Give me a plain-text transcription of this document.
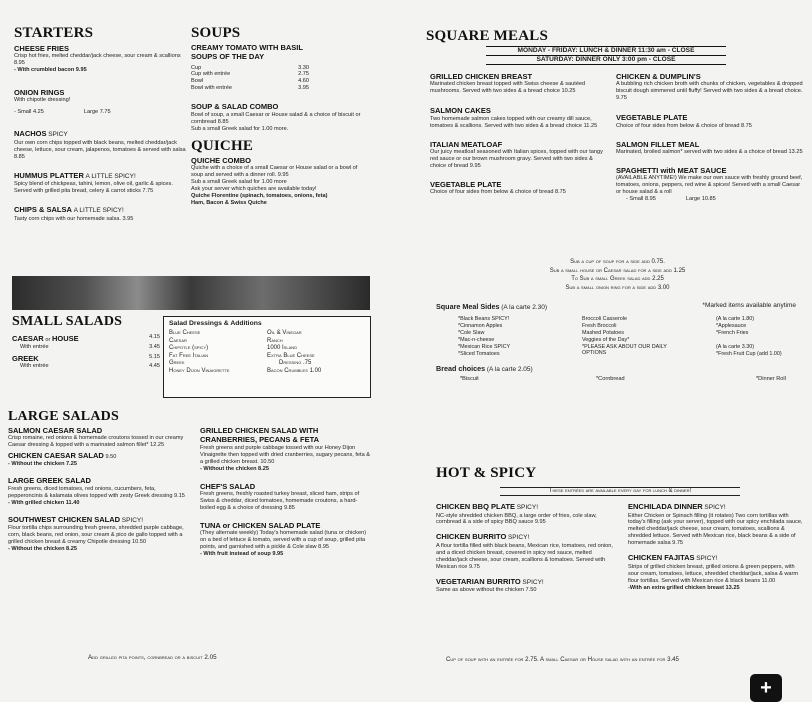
STARTERS
CHEESE FRIES
Crisp hot fries, melted cheddar/jack cheese, sour cream & scallions 8.95
- With crumbled bacon 9.95
ONION RINGS
With chipotle dressing!
- Small 4.25	Large 7.75
NACHOS SPICY
Our own corn chips topped with black beans, melted cheddar/jack cheese, lettuce, sour cream, jalapenos, tomatoes & served with salsa 8.85
HUMMUS PLATTER A LITTLE SPICY!
Spicy blend of chickpeas, tahini, lemon, olive oil, garlic & spices. Served with grilled pita bread, celery & carrot sticks 7.75
CHIPS & SALSA A LITTLE SPICY!
Tasty corn chips with our homemade salsa. 3.95
SOUPS
CREAMY TOMATO WITH BASIL
SOUPS OF THE DAY
Cup	3.30
Cup with entrée	2.75
Bowl	4.60
Bowl with entrée	3.95
SOUP & SALAD COMBO
Bowl of soup, a small Caesar or House salad & a choice of biscuit or cornbread 8.85
Sub a small Greek salad for 1.00 more.
QUICHE
QUICHE COMBO
Quiche with a choice of a small Caesar or House salad or a bowl of soup and served with a dinner roll. 9.95
Sub a small Greek salad for 1.00 more
Ask your server which quiches are available today!
Quiche Florentine (spinach, tomatoes, onions, feta)
Ham, Bacon & Swiss Quiche
SMALL SALADS
CAESAR or HOUSE	4.15
With entrée	3.45
GREEK	5.15
With entrée	4.45
Salad Dressings & Additions
Blue Cheese
Caesar
Chipotle (spicy)
Fat Free Italian
Greek
Honey Dijon Vinaigrette
Oil & Vinegar
Ranch
1000 Island
Extra Blue Cheese
Dressing .75
Bacon Crumbles 1.00
LARGE SALADS
SALMON CAESAR SALAD
Crisp romaine, red onions & homemade croutons tossed in our creamy Caesar dressing & topped with a marinated salmon fillet* 12.25
CHICKEN CAESAR SALAD 9.50
- Without the chicken 7.25
LARGE GREEK SALAD
Fresh greens, diced tomatoes, red onions, cucumbers, feta, pepperoncinis & kalamata olives topped with zesty Greek dressing 9.15
- With grilled chicken 11.40
SOUTHWEST CHICKEN SALAD SPICY!
Flour tortilla chips surrounding fresh greens, shredded purple cabbage, corn, black beans, red onion, sour cream & pico de gallo topped with a grilled chicken breast & creamy Chipotle dressing 10.50
- Without the chicken 8.25
GRILLED CHICKEN SALAD WITH CRANBERRIES, PECANS & FETA
Fresh greens and purple cabbage tossed with our Honey Dijon Vinaigrette then topped with dried cranberries, sugary pecans, feta & a grilled chicken breast. 10.50
- Without the chicken 8.25
CHEF'S SALAD
Fresh greens, freshly roasted turkey breast, sliced ham, strips of Swiss & cheddar, diced tomatoes, homemade croutons, a hard-boiled egg & a choice of dressing 9.85
TUNA or CHICKEN SALAD PLATE
(They alternate weekly) Today's homemade salad (tuna or chicken) on a bed of lettuce & tomato, served with a cup of soup, grilled pita points, and garnished with a pickle & Cole slaw 8.95
- With fruit instead of soup 9.95
Add grilled pita points, cornbread or a biscuit 2.05
SQUARE MEALS
MONDAY - FRIDAY: LUNCH & DINNER 11:30 am - CLOSE
SATURDAY: DINNER ONLY 3:00 pm - CLOSE
GRILLED CHICKEN BREAST
Marinated chicken breast topped with Swiss cheese & sautéed mushrooms. Served with two sides & a bread choice 10.25
SALMON CAKES
Two homemade salmon cakes topped with our creamy dill sauce, tomatoes & scallions. Served with two sides & a bread choice 11.25
ITALIAN MEATLOAF
Our juicy meatloaf seasoned with Italian spices, topped with our tangy red sauce or our brown mushroom gravy. Served with two sides & choice of bread 9.95
VEGETABLE PLATE
Choice of four sides from below & choice of bread 8.75
CHICKEN & DUMPLIN'S
A bubbling rich chicken broth with chunks of chicken, vegetables & dropped biscuit dough simmered until fluffy! Served with two sides & a bread choice. 9.75
VEGETABLE PLATE
Choice of four sides from below & choice of bread 8.75
SALMON FILLET MEAL
Marinated, broiled salmon* served with two sides & a choice of bread 13.25
SPAGHETTI with MEAT SAUCE
(AVAILABLE ANYTIME!) We make our own sauce with freshly ground beef, tomatoes, onions, peppers, red wine & spices! Served with a small Caesar or house salad & a roll
- Small 8.95	Large 10.85
Sub a cup of soup for a side add 0.75.
Sub a small house or Caesar salad for a side add 1.25
To Sub a small Greek salad add 2.25
Sub a small onion ring for a side add 3.00
Square Meal Sides (A la carte 2.30)	*Marked items available anytime
*Black Beans SPICY!
*Cinnamon Apples
*Cole Slaw
*Mac-n-cheese
*Mexican Rice SPICY
*Sliced Tomatoes
Broccoli Casserole
Fresh Broccoli
Mashed Potatoes
Veggies of the Day*
*PLEASE ASK ABOUT OUR DAILY OPTIONS
(A la carte 1.80)
*Applesauce
*French Fries
(A la carte 3.30)
*Fresh Fruit Cup (add 1.00)
Bread choices (A la carte 2.05)
*Biscuit	*Cornbread	*Dinner Roll
HOT & SPICY
These entrées are available every day for lunch & dinner!
CHICKEN BBQ PLATE SPICY!
NC-style shredded chicken BBQ, a large order of fries, cole slaw, cornbread & a side of spicy BBQ sauce 9.95
CHICKEN BURRITO SPICY!
A flour tortilla filled with black beans, Mexican rice, tomatoes, red onion, and a diced chicken breast, covered in spicy red sauce, melted cheddar/jack cheese, sour cream, scallions & tomatoes. Served with Mexican rice 9.75
VEGETARIAN BURRITO SPICY!
Same as above without the chicken 7.50
ENCHILADA DINNER SPICY!
Either Chicken or Spinach filling (it rotates) Two corn tortillas with today's filling (ask your server), topped with our spicy enchilada sauce, melted cheddar/jack cheese, sour cream, tomatoes, scallions & shredded lettuce. Served with Mexican rice, black beans & a side of homemade salsa 9.75
CHICKEN FAJITAS SPICY!
Strips of grilled chicken breast, grilled onions & green peppers, with sour cream, tomatoes, lettuce, shredded cheddar/jack, salsa & warm flour tortillas. Served with Mexican rice & black beans 11.00
-With an extra grilled chicken breast 13.25
Cup of soup with an entrée for 2.75. A small Caesar or House salad with an entrée for 3.45
+
